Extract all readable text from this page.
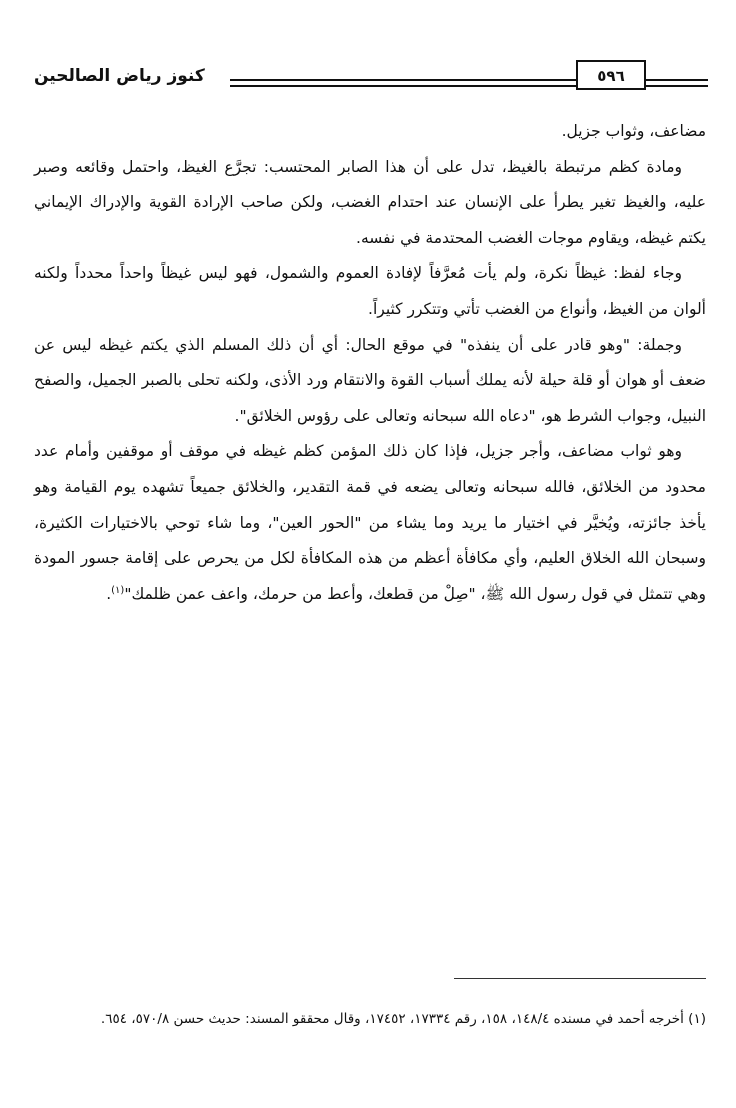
كنوز رياض الصالحين	٥٩٦

مضاعف، وثواب جزيل.

ومادة كظم مرتبطة بالغيظ، تدل على أن هذا الصابر المحتسب: تجرَّع الغيظ، واحتمل وقائعه وصبر عليه، والغيظ تغير يطرأ على الإنسان عند احتدام الغضب، ولكن صاحب الإرادة القوية والإدراك الإيماني يكتم غيظه، ويقاوم موجات الغضب المحتدمة في نفسه.

وجاء لفظ: غيظاً نكرة، ولم يأت مُعرَّفاً لإفادة العموم والشمول، فهو ليس غيظاً واحداً محدداً ولكنه ألوان من الغيظ، وأنواع من الغضب تأتي وتتكرر كثيراً.

وجملة: "وهو قادر على أن ينفذه" في موقع الحال: أي أن ذلك المسلم الذي يكتم غيظه ليس عن ضعف أو هوان أو قلة حيلة لأنه يملك أسباب القوة والانتقام ورد الأذى، ولكنه تحلى بالصبر الجميل، والصفح النبيل، وجواب الشرط هو، "دعاه الله سبحانه وتعالى على رؤوس الخلائق".

وهو ثواب مضاعف، وأجر جزيل، فإذا كان ذلك المؤمن كظم غيظه في موقف أو موقفين وأمام عدد محدود من الخلائق، فالله سبحانه وتعالى يضعه في قمة التقدير، والخلائق جميعاً تشهده يوم القيامة وهو يأخذ جائزته، ويُخيَّر في اختيار ما يريد وما يشاء من "الحور العين"، وما شاء توحي بالاختيارات الكثيرة، وسبحان الله الخلاق العليم، وأي مكافأة أعظم من هذه المكافأة لكل من يحرص على إقامة جسور المودة وهي تتمثل في قول رسول الله ﷺ، "صِلْ من قطعك، وأعط من حرمك، واعف عمن ظلمك"$^{(١)}$.

(١) أخرجه أحمد في مسنده ١٤٨/٤، ١٥٨، رقم ١٧٣٣٤، ١٧٤٥٢، وقال محققو المسند: حديث حسن ٥٧٠/٨، ٦٥٤.
